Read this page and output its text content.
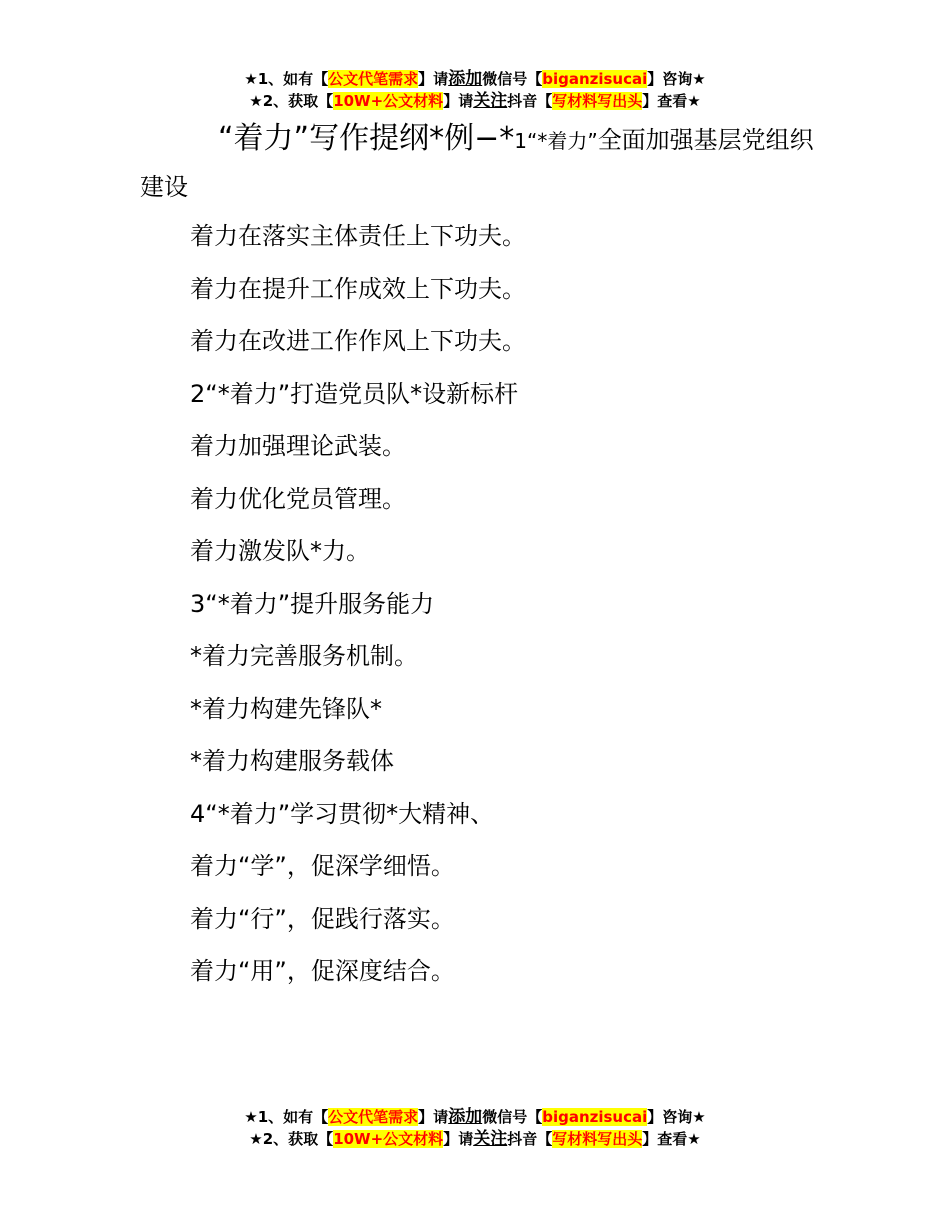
★1、如有【公文代笔需求】请添加微信号【biganzisucai】咨询★
★2、获取【10W+公文材料】请关注抖音【写材料写出头】查看★
“着力”写作提纲*例−*1“*着力”全面加强基层党组织建设
着力在落实主体责任上下功夫。
着力在提升工作成效上下功夫。
着力在改进工作作风上下功夫。
2“*着力”打造党员队*设新标杆
着力加强理论武装。
着力优化党员管理。
着力激发队*力。
3“*着力”提升服务能力
*着力完善服务机制。
*着力构建先锋队*
*着力构建服务载体
4“*着力”学习贯彻*大精神、
着力“学”，促深学细悟。
着力“行”，促践行落实。
着力“用”，促深度结合。
★1、如有【公文代笔需求】请添加微信号【biganzisucai】咨询★
★2、获取【10W+公文材料】请关注抖音【写材料写出头】查看★
